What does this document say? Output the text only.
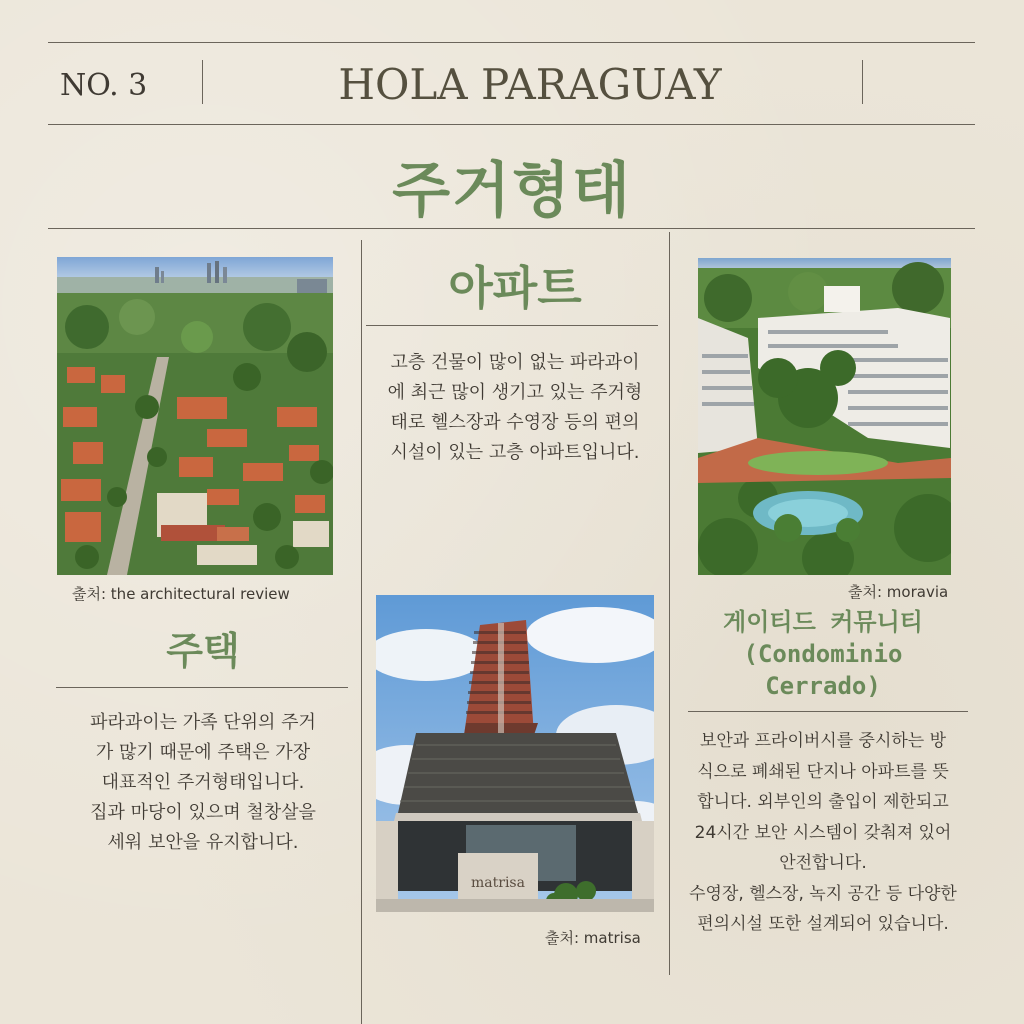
NO. 3	HOLA PARAGUAY
주거형태
출처: the architectural review
주택
파라과이는 가족 단위의 주거
가 많기 때문에 주택은 가장
대표적인 주거형태입니다.
집과 마당이 있으며 철창살을
세워 보안을 유지합니다.
아파트
고층 건물이 많이 없는 파라과이
에 최근 많이 생기고 있는 주거형
태로 헬스장과 수영장 등의 편의
시설이 있는 고층 아파트입니다.
matrisa
출처: matrisa
출처: moravia
게이티드 커뮤니티
(Condominio
Cerrado)
보안과 프라이버시를 중시하는 방
식으로 폐쇄된 단지나 아파트를 뜻
합니다. 외부인의 출입이 제한되고
24시간 보안 시스템이 갖춰져 있어
안전합니다.
수영장, 헬스장, 녹지 공간 등 다양한
편의시설 또한 설계되어 있습니다.
